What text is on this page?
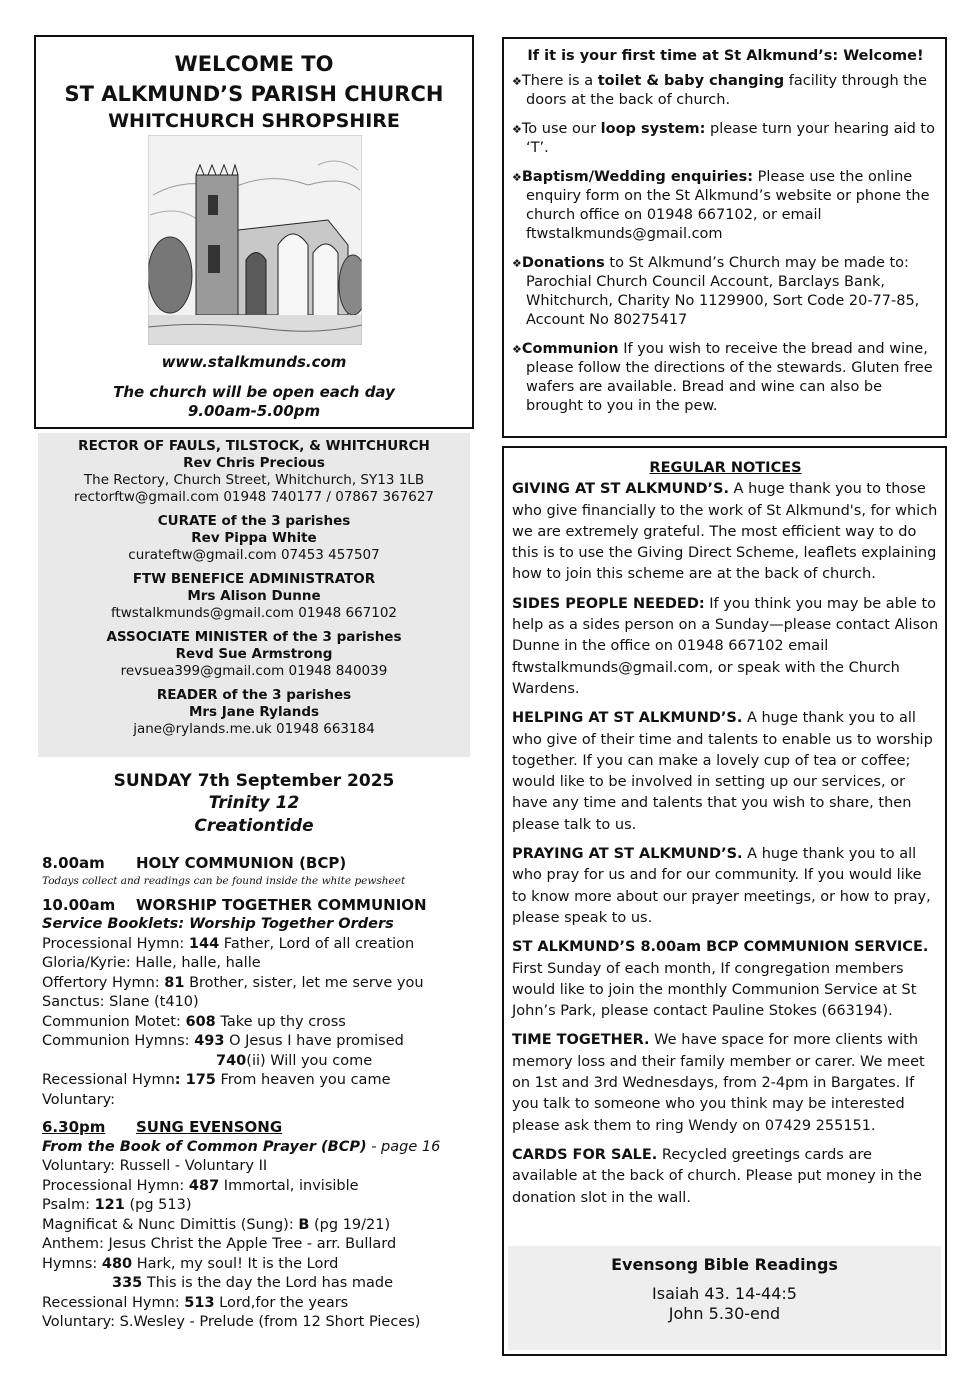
WELCOME TO
ST ALKMUND’S PARISH CHURCH
WHITCHURCH SHROPSHIRE
www.stalkmunds.com
The church will be open each day
9.00am-5.00pm
RECTOR OF FAULS, TILSTOCK, & WHITCHURCH
Rev Chris Precious
The Rectory, Church Street, Whitchurch, SY13 1LB
rectorftw@gmail.com 01948 740177 / 07867 367627
CURATE of the 3 parishes
Rev Pippa White
curateftw@gmail.com 07453 457507
FTW BENEFICE ADMINISTRATOR
Mrs Alison Dunne
ftwstalkmunds@gmail.com 01948 667102
ASSOCIATE MINISTER of the 3 parishes
Revd Sue Armstrong
revsuea399@gmail.com 01948 840039
READER of the 3 parishes
Mrs Jane Rylands
jane@rylands.me.uk 01948 663184
SUNDAY 7th September 2025
Trinity 12
Creationtide
8.00am HOLY COMMUNION (BCP)
Todays collect and readings can be found inside the white pewsheet
10.00am WORSHIP TOGETHER COMMUNION
Service Booklets: Worship Together Orders
Processional Hymn: 144 Father, Lord of all creation
Gloria/Kyrie: Halle, halle, halle
Offertory Hymn: 81 Brother, sister, let me serve you
Sanctus: Slane (t410)
Communion Motet: 608 Take up thy cross
Communion Hymns: 493 O Jesus I have promised
740(ii) Will you come
Recessional Hymn: 175 From heaven you came
Voluntary:
6.30pm SUNG EVENSONG
From the Book of Common Prayer (BCP) - page 16
Voluntary: Russell - Voluntary II
Processional Hymn: 487 Immortal, invisible
Psalm: 121 (pg 513)
Magnificat & Nunc Dimittis (Sung): B (pg 19/21)
Anthem: Jesus Christ the Apple Tree - arr. Bullard
Hymns: 480 Hark, my soul! It is the Lord
335 This is the day the Lord has made
Recessional Hymn: 513 Lord,for the years
Voluntary: S.Wesley - Prelude (from 12 Short Pieces)
If it is your first time at St Alkmund’s: Welcome!
❖There is a toilet & baby changing facility through the doors at the back of church.
❖To use our loop system: please turn your hearing aid to ‘T’.
❖Baptism/Wedding enquiries: Please use the online enquiry form on the St Alkmund’s website or phone the church office on 01948 667102, or email ftwstalkmunds@gmail.com
❖Donations to St Alkmund’s Church may be made to: Parochial Church Council Account, Barclays Bank, Whitchurch, Charity No 1129900, Sort Code 20-77-85, Account No 80275417
❖Communion If you wish to receive the bread and wine, please follow the directions of the stewards. Gluten free wafers are available. Bread and wine can also be brought to you in the pew.
REGULAR NOTICES
GIVING AT ST ALKMUND’S. A huge thank you to those who give financially to the work of St Alkmund's, for which we are extremely grateful. The most efficient way to do this is to use the Giving Direct Scheme, leaflets explaining how to join this scheme are at the back of church.
SIDES PEOPLE NEEDED: If you think you may be able to help as a sides person on a Sunday—please contact Alison Dunne in the office on 01948 667102 email ftwstalkmunds@gmail.com, or speak with the Church Wardens.
HELPING AT ST ALKMUND’S. A huge thank you to all who give of their time and talents to enable us to worship together. If you can make a lovely cup of tea or coffee; would like to be involved in setting up our services, or have any time and talents that you wish to share, then please talk to us.
PRAYING AT ST ALKMUND’S. A huge thank you to all who pray for us and for our community. If you would like to know more about our prayer meetings, or how to pray, please speak to us.
ST ALKMUND’S 8.00am BCP COMMUNION SERVICE. First Sunday of each month, If congregation members would like to join the monthly Communion Service at St John’s Park, please contact Pauline Stokes (663194).
TIME TOGETHER. We have space for more clients with memory loss and their family member or carer. We meet on 1st and 3rd Wednesdays, from 2-4pm in Bargates. If you talk to someone who you think may be interested please ask them to ring Wendy on 07429 255151.
CARDS FOR SALE. Recycled greetings cards are available at the back of church. Please put money in the donation slot in the wall.
Evensong Bible Readings
Isaiah 43. 14-44:5
John 5.30-end
